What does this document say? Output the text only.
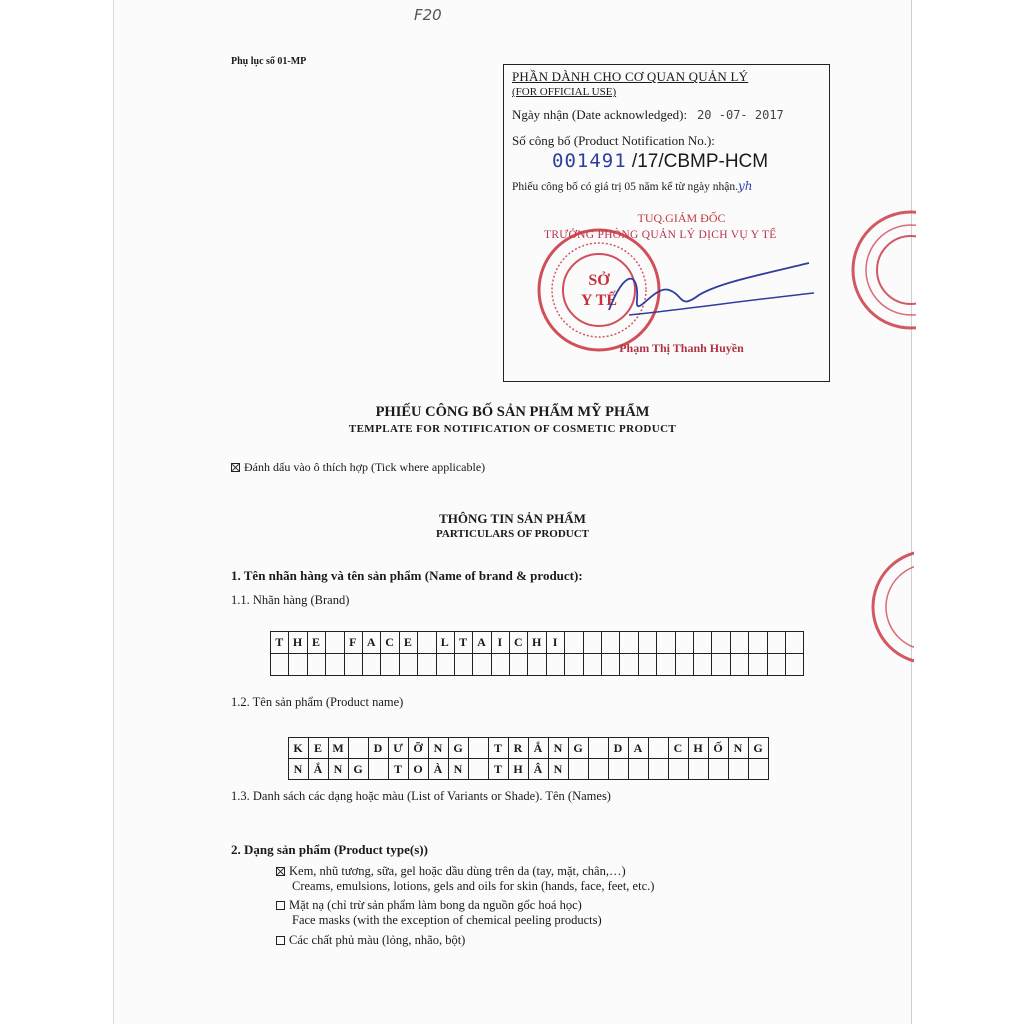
F20
Phụ lục số 01-MP
PHẦN DÀNH CHO CƠ QUAN QUẢN LÝ
(FOR OFFICIAL USE)
Ngày nhận (Date acknowledged): 20 -07- 2017
Số công bố (Product Notification No.):
001491 /17/CBMP-HCM
Phiếu công bố có giá trị 05 năm kể từ ngày nhận.yh
TUQ.GIÁM ĐỐC
TRƯỞNG PHÒNG QUẢN LÝ DỊCH VỤ Y TẾ
SỞ
Y TẾ
Phạm Thị Thanh Huyền
PHIẾU CÔNG BỐ SẢN PHẨM MỸ PHẨM
TEMPLATE FOR NOTIFICATION OF COSMETIC PRODUCT
Đánh dấu vào ô thích hợp (Tick where applicable)
THÔNG TIN SẢN PHẨM
PARTICULARS OF PRODUCT
1. Tên nhãn hàng và tên sản phẩm (Name of brand & product):
1.1. Nhãn hàng (Brand)
T	H	E		F	A	C	E		L	T	A	I	C	H	I													

1.2. Tên sản phẩm (Product name)
K	E	M		D	Ư	Ỡ	N	G		T	R	Ắ	N	G		D	A		C	H	Ố	N	G
N	Ắ	N	G		T	O	À	N		T	H	Â	N										
1.3. Danh sách các dạng hoặc màu (List of Variants or Shade). Tên (Names)
2. Dạng sản phẩm (Product type(s))
Kem, nhũ tương, sữa, gel hoặc dầu dùng trên da (tay, mặt, chân,…)
Creams, emulsions, lotions, gels and oils for skin (hands, face, feet, etc.)
Mặt nạ (chỉ trừ sản phẩm làm bong da nguồn gốc hoá học)
Face masks (with the exception of chemical peeling products)
Các chất phủ màu (lỏng, nhão, bột)
